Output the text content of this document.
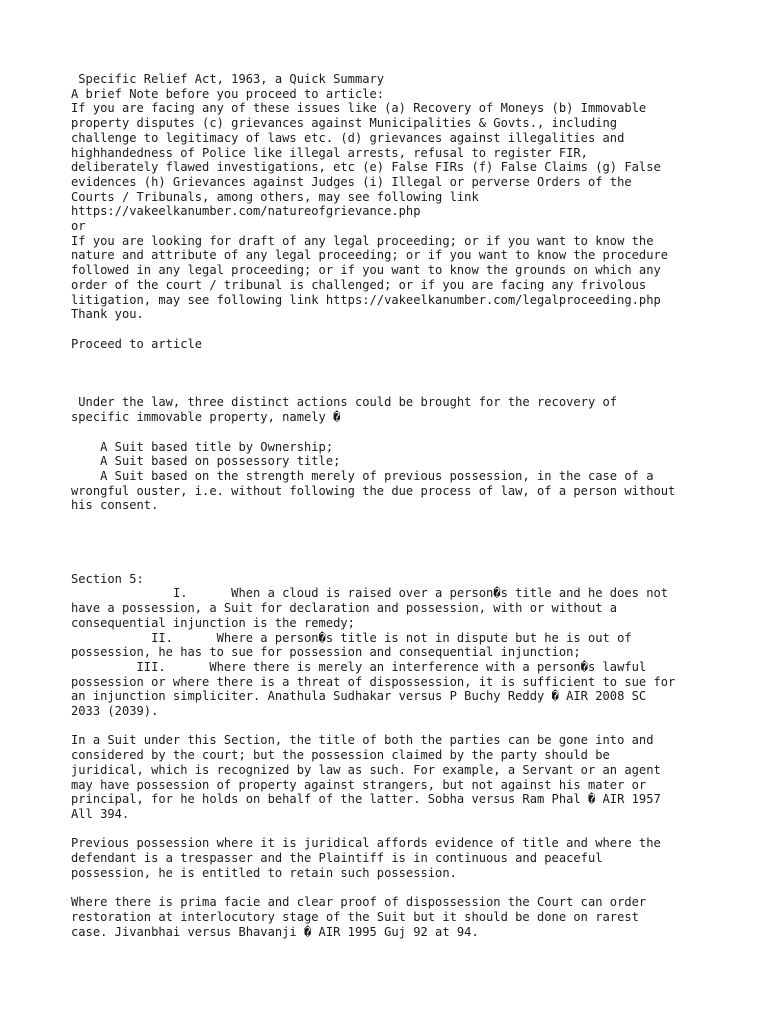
Specific Relief Act, 1963, a Quick Summary
A brief Note before you proceed to article:
If you are facing any of these issues like (a) Recovery of Moneys (b) Immovable
property disputes (c) grievances against Municipalities & Govts., including
challenge to legitimacy of laws etc. (d) grievances against illegalities and
highhandedness of Police like illegal arrests, refusal to register FIR,
deliberately flawed investigations, etc (e) False FIRs (f) False Claims (g) False
evidences (h) Grievances against Judges (i) Illegal or perverse Orders of the
Courts / Tribunals, among others, may see following link
https://vakeelkanumber.com/natureofgrievance.php
or
If you are looking for draft of any legal proceeding; or if you want to know the
nature and attribute of any legal proceeding; or if you want to know the procedure
followed in any legal proceeding; or if you want to know the grounds on which any
order of the court / tribunal is challenged; or if you are facing any frivolous
litigation, may see following link https://vakeelkanumber.com/legalproceeding.php
Thank you.
Proceed to article
Under the law, three distinct actions could be brought for the recovery of
specific immovable property, namely �
A Suit based title by Ownership;
A Suit based on possessory title;
A Suit based on the strength merely of previous possession, in the case of a
wrongful ouster, i.e. without following the due process of law, of a person without
his consent.
Section 5:
I.      When a cloud is raised over a person�s title and he does not
have a possession, a Suit for declaration and possession, with or without a
consequential injunction is the remedy;
II.      Where a person�s title is not in dispute but he is out of
possession, he has to sue for possession and consequential injunction;
III.      Where there is merely an interference with a person�s lawful
possession or where there is a threat of dispossession, it is sufficient to sue for
an injunction simpliciter. Anathula Sudhakar versus P Buchy Reddy � AIR 2008 SC
2033 (2039).
In a Suit under this Section, the title of both the parties can be gone into and
considered by the court; but the possession claimed by the party should be
juridical, which is recognized by law as such. For example, a Servant or an agent
may have possession of property against strangers, but not against his mater or
principal, for he holds on behalf of the latter. Sobha versus Ram Phal � AIR 1957
All 394.
Previous possession where it is juridical affords evidence of title and where the
defendant is a trespasser and the Plaintiff is in continuous and peaceful
possession, he is entitled to retain such possession.
Where there is prima facie and clear proof of dispossession the Court can order
restoration at interlocutory stage of the Suit but it should be done on rarest
case. Jivanbhai versus Bhavanji � AIR 1995 Guj 92 at 94.
